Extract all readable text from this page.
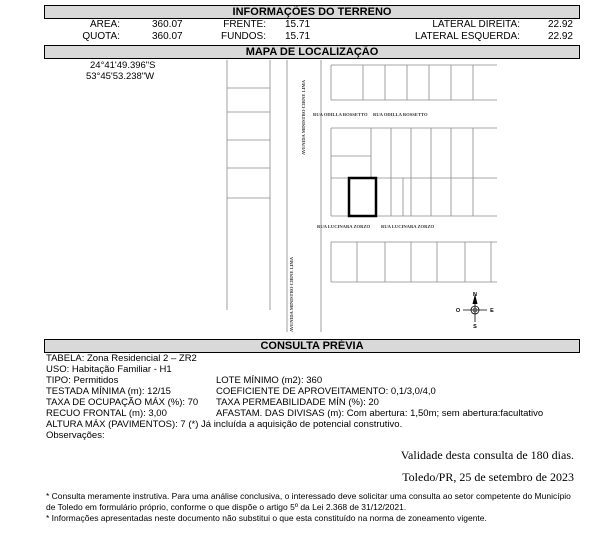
INFORMAÇÕES DO TERRENO
ÁREA:	360.07	FRENTE: 15.71	LATERAL DIREITA:	22.92
QUOTA:	360.07	FUNDOS: 15.71	LATERAL ESQUERDA:	22.92
MAPA DE LOCALIZAÇÃO
24°41'49.396"S
53°45'53.238"W
AVENIDA MINISTRO CIRNE LIMA
AVENIDA MINISTRO CIRNE LIMA
RUA ODILLA ROSSETTO RUA ODILLA ROSSETTO
RUA LUCINARA ZORZO RUA LUCINARA ZORZO
N
S
E
O
CONSULTA PRÉVIA
TABELA: Zona Residencial 2 – ZR2
USO: Habitação Familiar - H1
TIPO: Permitidos	LOTE MÍNIMO (m2): 360
TESTADA MÍNIMA (m): 12/15	COEFICIENTE DE APROVEITAMENTO: 0,1/3,0/4,0
TAXA DE OCUPAÇÃO MÁX (%): 70 TAXA PERMEABILIDADE MÍN (%): 20
RECUO FRONTAL (m): 3,00	AFASTAM. DAS DIVISAS (m): Com abertura: 1,50m; sem abertura:facultativo
ALTURA MÁX (PAVIMENTOS): 7 (*) Já incluída a aquisição de potencial construtivo.
Observações:
Validade desta consulta de 180 dias.
Toledo/PR, 25 de setembro de 2023
* Consulta meramente instrutiva. Para uma análise conclusiva, o interessado deve solicitar uma consulta ao setor competente do Município de Toledo em formulário próprio, conforme o que dispõe o artigo 5º da Lei 2.368 de 31/12/2021.
* Informações apresentadas neste documento não substitui o que esta constituído na norma de zoneamento vigente.
